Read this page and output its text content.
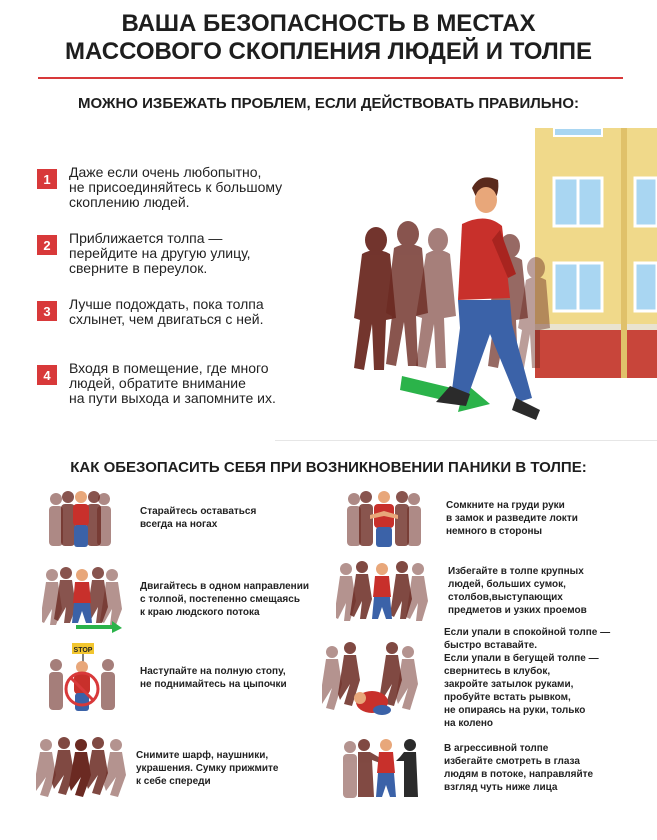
ВАША БЕЗОПАСНОСТЬ В МЕСТАХ
МАССОВОГО СКОПЛЕНИЯ ЛЮДЕЙ И ТОЛПЕ
МОЖНО ИЗБЕЖАТЬ ПРОБЛЕМ, ЕСЛИ ДЕЙСТВОВАТЬ ПРАВИЛЬНО:
1	Даже если очень любопытно,
не присоединяйтесь к большому
скоплению людей.
2	Приближается толпа —
перейдите на другую улицу,
сверните в переулок.
3	Лучше подождать, пока толпа
схлынет, чем двигаться с ней.
4	Входя в помещение, где много
людей, обратите внимание
на пути выхода и запомните их.
КАК ОБЕЗОПАСИТЬ СЕБЯ ПРИ ВОЗНИКНОВЕНИИ ПАНИКИ В ТОЛПЕ:
Старайтесь оставаться
всегда на ногах
Двигайтесь в одном направлении
с толпой, постепенно смещаясь
к краю людского потока
STOP
Наступайте на полную стопу,
не поднимайтесь на цыпочки
Снимите шарф, наушники,
украшения. Сумку прижмите
к себе спереди
Сомкните на груди руки
в замок и разведите локти
немного в стороны
Избегайте в толпе крупных
людей, больших сумок,
столбов,выступающих
предметов и узких проемов
Если упали в спокойной толпе —
быстро вставайте.
Если упали в бегущей толпе —
свернитесь в клубок,
закройте затылок руками,
пробуйте встать рывком,
не опираясь на руки, только
на колено
В агрессивной толпе
избегайте смотреть в глаза
людям в потоке, направляйте
взгляд чуть ниже лица
